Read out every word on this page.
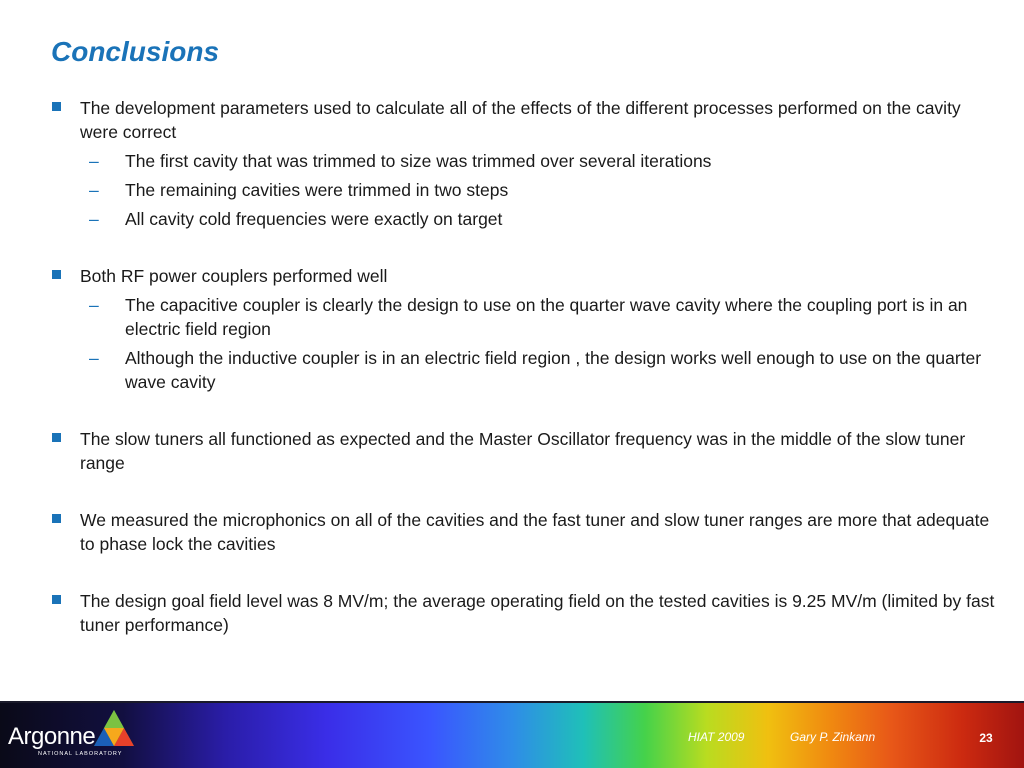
Conclusions
The development parameters used to calculate all of the effects of the different processes performed on the cavity were correct
– The first cavity that was trimmed to size was trimmed over several iterations
– The remaining cavities were trimmed in two steps
– All cavity cold frequencies were exactly on target
Both RF power couplers performed well
– The capacitive coupler is clearly the design to use on the quarter wave cavity where the coupling port is in an electric field region
– Although the inductive coupler is in an electric field region , the design works well enough to use on the quarter wave cavity
The slow tuners all functioned as expected and the Master Oscillator frequency was in the middle of the slow tuner range
We measured the microphonics on all of the cavities and the fast tuner and slow tuner ranges are more that adequate to phase lock the cavities
The design goal field level was 8 MV/m; the average operating field on the tested cavities is 9.25 MV/m (limited by fast tuner performance)
Argonne
NATIONAL LABORATORY
HIAT 2009	Gary P. Zinkann	23
